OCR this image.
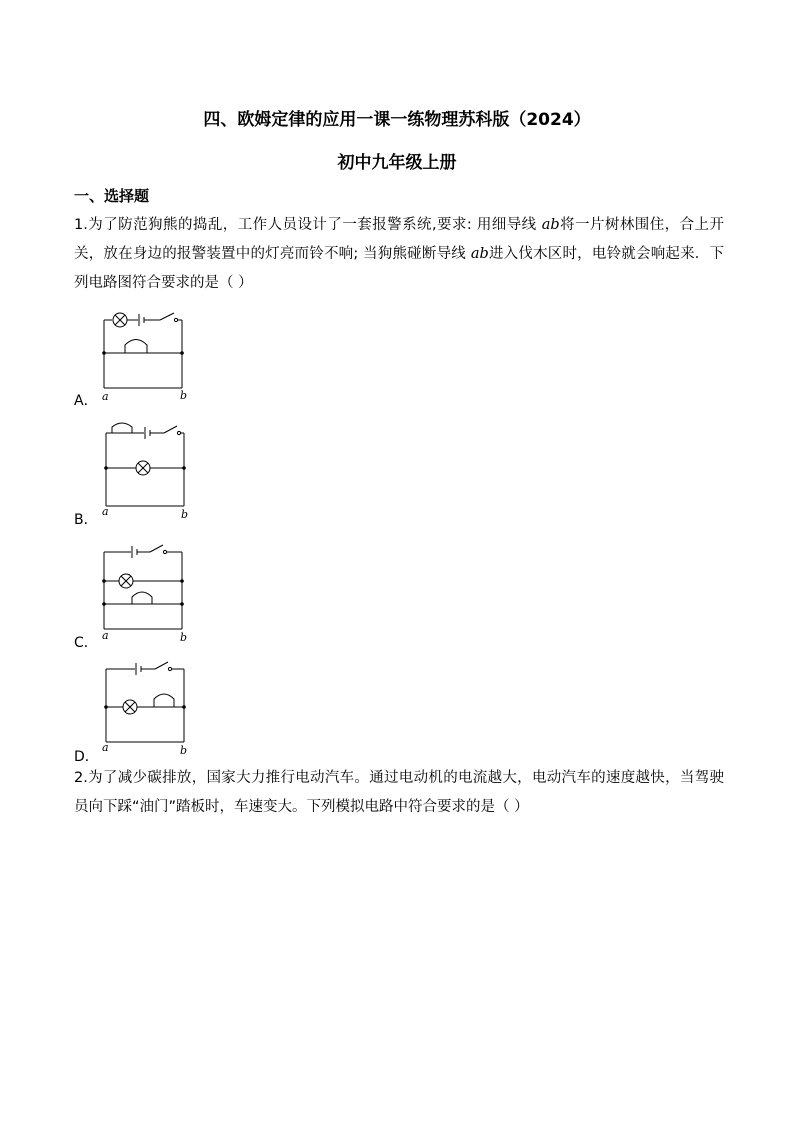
四、欧姆定律的应用一课一练物理苏科版（2024）
初中九年级上册
一、选择题
1.为了防范狗熊的捣乱，工作人员设计了一套报警系统,要求: 用细导线 ab将一片树林围住，合上开关，放在身边的报警装置中的灯亮而铃不响; 当狗熊碰断导线 ab进入伐木区时，电铃就会响起来．下列电路图符合要求的是（ ）
A． a	b
B．
a	b
C． a	b
D．
a	b
2.为了减少碳排放，国家大力推行电动汽车。通过电动机的电流越大，电动汽车的速度越快，当驾驶员向下踩“油门”踏板时，车速变大。下列模拟电路中符合要求的是（ ）
